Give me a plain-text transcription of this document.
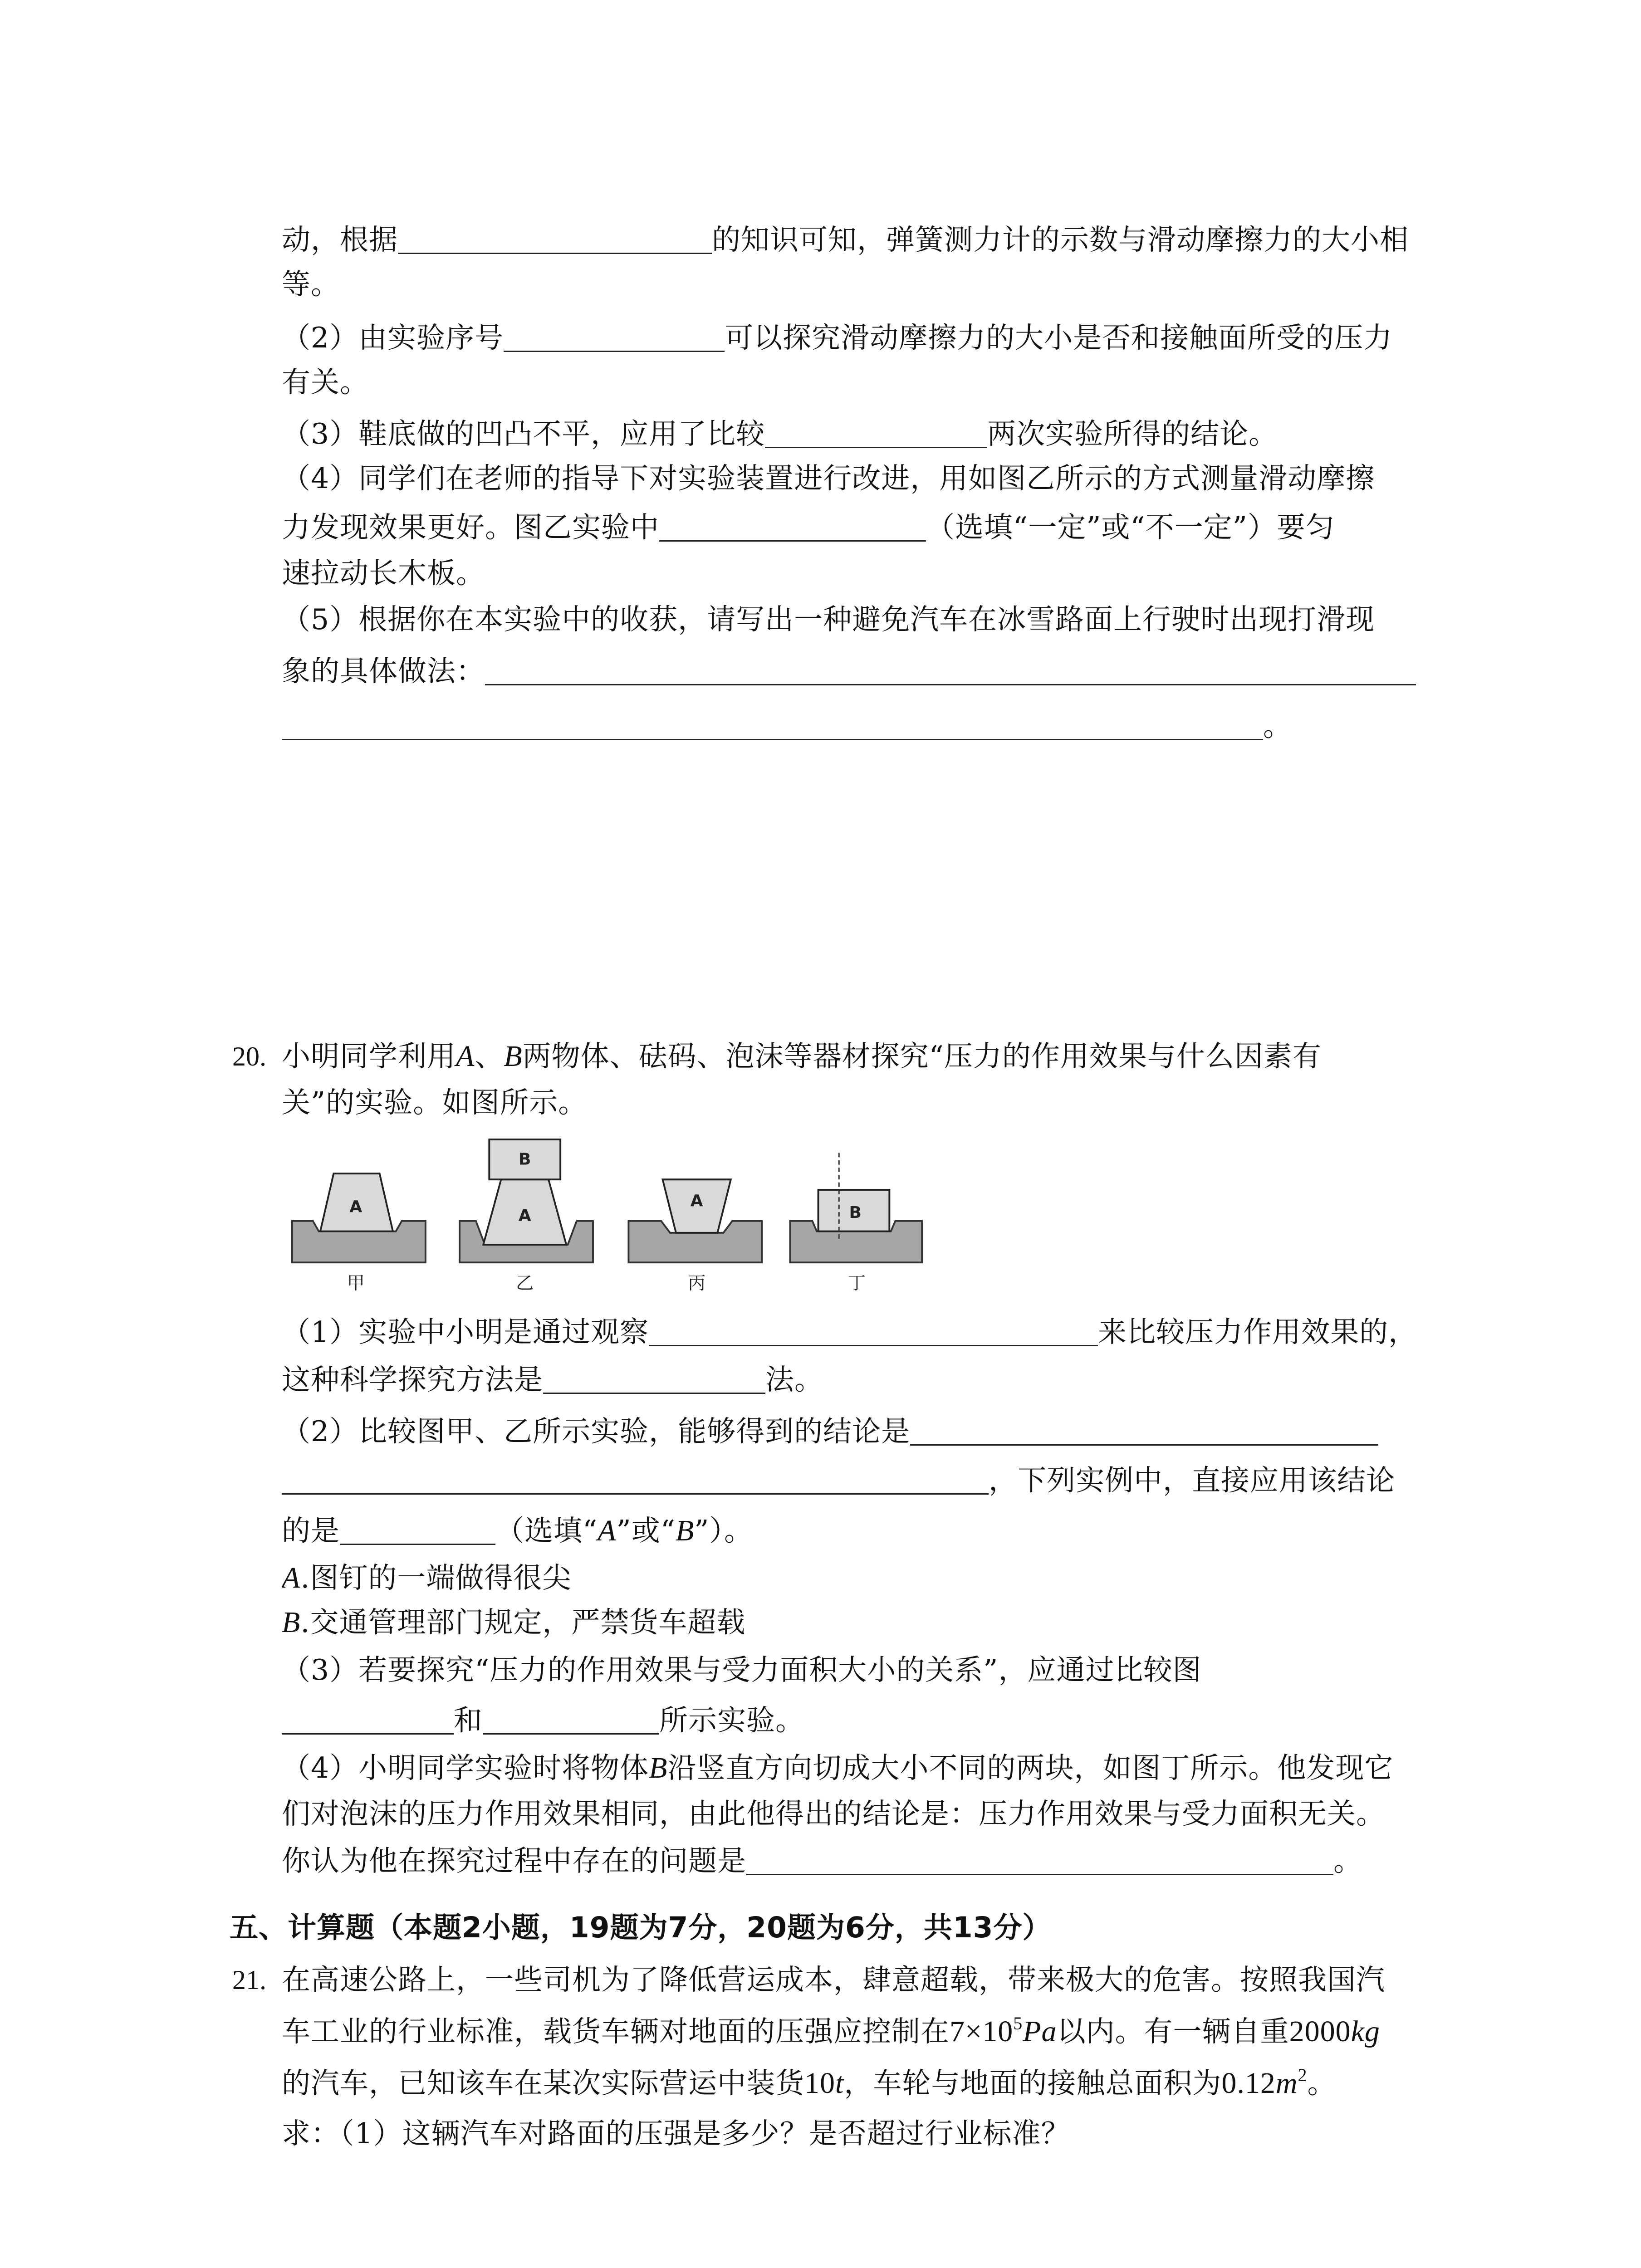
动，根据	的知识可知，弹簧测力计的示数与滑动摩擦力的大小相
等。
（2）由实验序号	可以探究滑动摩擦力的大小是否和接触面所受的压力
有关。
（3）鞋底做的凹凸不平，应用了比较	两次实验所得的结论。
（4）同学们在老师的指导下对实验装置进行改进，用如图乙所示的方式测量滑动摩擦
力发现效果更好。图乙实验中	（选填“一定”或“不一定”）要匀
速拉动长木板。
（5）根据你在本实验中的收获，请写出一种避免汽车在冰雪路面上行驶时出现打滑现
象的具体做法：
。
20. 小明同学利用A、B两物体、砝码、泡沫等器材探究“压力的作用效果与什么因素有
关”的实验。如图所示。
A
甲
B
A
乙
A
丙
B
丁
（1）实验中小明是通过观察	来比较压力作用效果的，
这种科学探究方法是	法。
（2）比较图甲、乙所示实验，能够得到的结论是
，下列实例中，直接应用该结论
的是	（选填“A”或“B”）。
A.图钉的一端做得很尖
B.交通管理部门规定，严禁货车超载
（3）若要探究“压力的作用效果与受力面积大小的关系”，应通过比较图
和	所示实验。
（4）小明同学实验时将物体B沿竖直方向切成大小不同的两块，如图丁所示。他发现它
们对泡沫的压力作用效果相同，由此他得出的结论是：压力作用效果与受力面积无关。
你认为他在探究过程中存在的问题是	。
五、计算题（本题2小题，19题为7分，20题为6分，共13分）
21. 在高速公路上，一些司机为了降低营运成本，肆意超载，带来极大的危害。按照我国汽
车工业的行业标准，载货车辆对地面的压强应控制在$7\times 10^5Pa$以内。有一辆自重2000kg
的汽车，已知该车在某次实际营运中装货10t，车轮与地面的接触总面积为$0.12m^2$。
求：（1）这辆汽车对路面的压强是多少？是否超过行业标准？
